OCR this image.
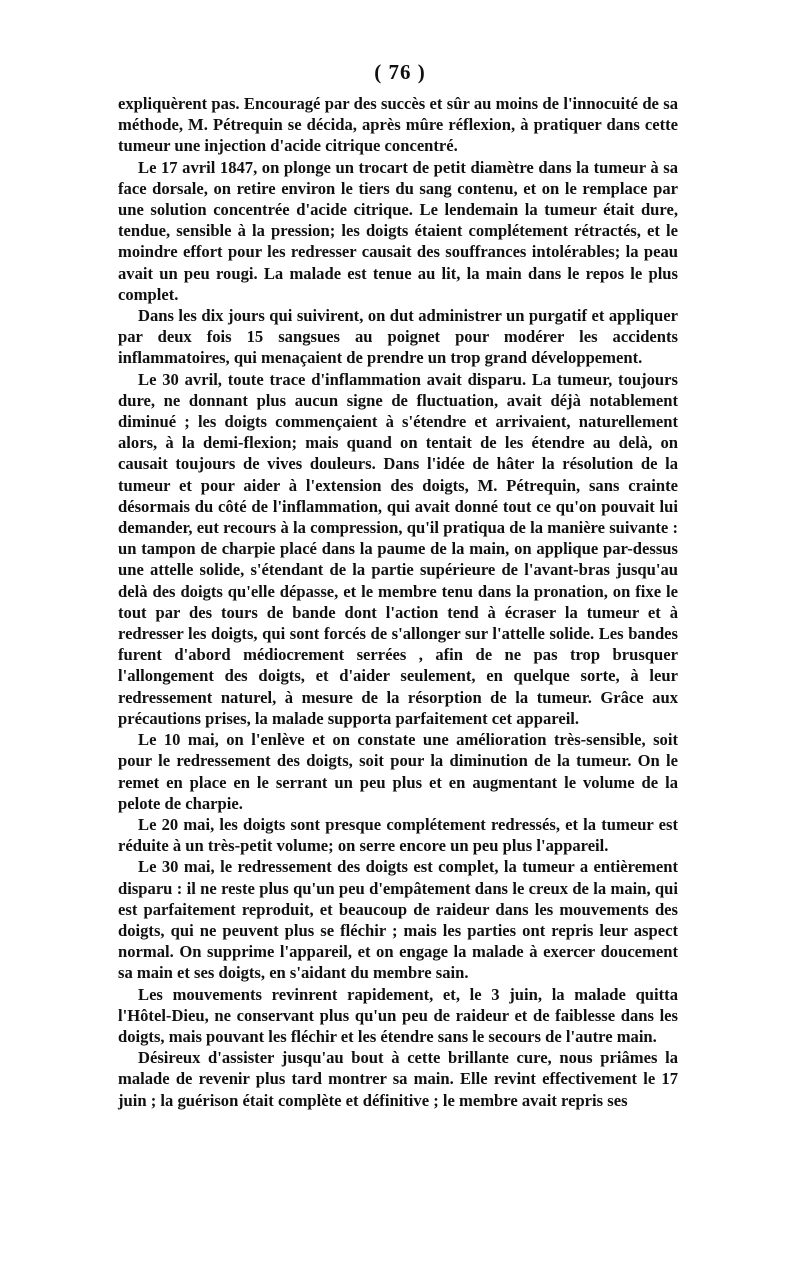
( 76 )

expliquèrent pas. Encouragé par des succès et sûr au moins de l'innocuité de sa méthode, M. Pétrequin se décida, après mûre réflexion, à pratiquer dans cette tumeur une injection d'acide citrique concentré.

Le 17 avril 1847, on plonge un trocart de petit diamètre dans la tumeur à sa face dorsale, on retire environ le tiers du sang contenu, et on le remplace par une solution concentrée d'acide citrique. Le lendemain la tumeur était dure, tendue, sensible à la pression; les doigts étaient complétement rétractés, et le moindre effort pour les redresser causait des souffrances intolérables; la peau avait un peu rougi. La malade est tenue au lit, la main dans le repos le plus complet.

Dans les dix jours qui suivirent, on dut administrer un purgatif et appliquer par deux fois 15 sangsues au poignet pour modérer les accidents inflammatoires, qui menaçaient de prendre un trop grand développement.

Le 30 avril, toute trace d'inflammation avait disparu. La tumeur, toujours dure, ne donnant plus aucun signe de fluctuation, avait déjà notablement diminué ; les doigts commençaient à s'étendre et arrivaient, naturellement alors, à la demi-flexion; mais quand on tentait de les étendre au delà, on causait toujours de vives douleurs. Dans l'idée de hâter la résolution de la tumeur et pour aider à l'extension des doigts, M. Pétrequin, sans crainte désormais du côté de l'inflammation, qui avait donné tout ce qu'on pouvait lui demander, eut recours à la compression, qu'il pratiqua de la manière suivante : un tampon de charpie placé dans la paume de la main, on applique par-dessus une attelle solide, s'étendant de la partie supérieure de l'avant-bras jusqu'au delà des doigts qu'elle dépasse, et le membre tenu dans la pronation, on fixe le tout par des tours de bande dont l'action tend à écraser la tumeur et à redresser les doigts, qui sont forcés de s'allonger sur l'attelle solide. Les bandes furent d'abord médiocrement serrées , afin de ne pas trop brusquer l'allongement des doigts, et d'aider seulement, en quelque sorte, à leur redressement naturel, à mesure de la résorption de la tumeur. Grâce aux précautions prises, la malade supporta parfaitement cet appareil.

Le 10 mai, on l'enlève et on constate une amélioration très-sensible, soit pour le redressement des doigts, soit pour la diminution de la tumeur. On le remet en place en le serrant un peu plus et en augmentant le volume de la pelote de charpie.

Le 20 mai, les doigts sont presque complétement redressés, et la tumeur est réduite à un très-petit volume; on serre encore un peu plus l'appareil.

Le 30 mai, le redressement des doigts est complet, la tumeur a entièrement disparu : il ne reste plus qu'un peu d'empâtement dans le creux de la main, qui est parfaitement reproduit, et beaucoup de raideur dans les mouvements des doigts, qui ne peuvent plus se fléchir ; mais les parties ont repris leur aspect normal. On supprime l'appareil, et on engage la malade à exercer doucement sa main et ses doigts, en s'aidant du membre sain.

Les mouvements revinrent rapidement, et, le 3 juin, la malade quitta l'Hôtel-Dieu, ne conservant plus qu'un peu de raideur et de faiblesse dans les doigts, mais pouvant les fléchir et les étendre sans le secours de l'autre main.

Désireux d'assister jusqu'au bout à cette brillante cure, nous priâmes la malade de revenir plus tard montrer sa main. Elle revint effectivement le 17 juin ; la guérison était complète et définitive ; le membre avait repris ses
